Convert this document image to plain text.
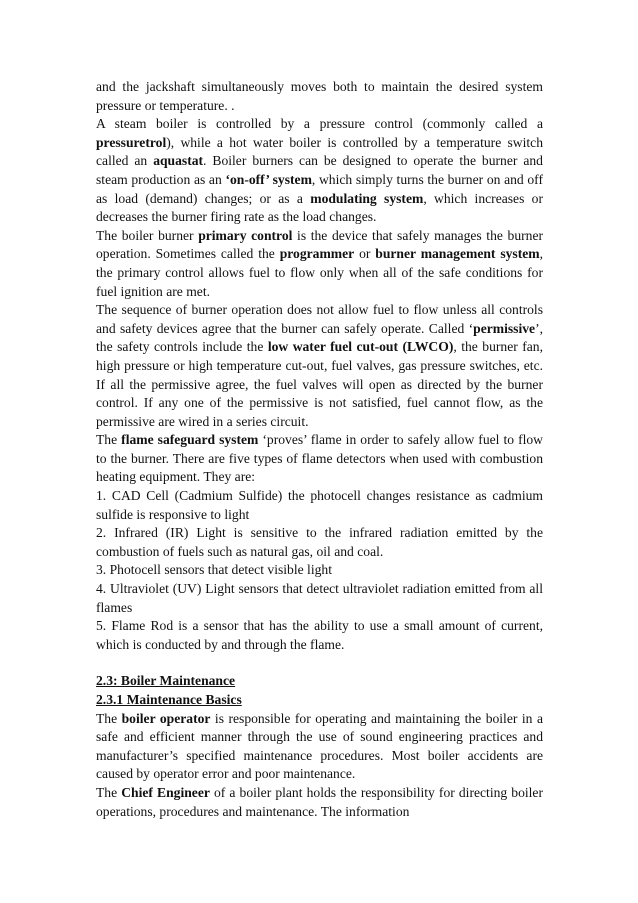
and the jackshaft simultaneously moves both to maintain the desired system pressure or temperature. .

A steam boiler is controlled by a pressure control (commonly called a pressuretrol), while a hot water boiler is controlled by a temperature switch called an aquastat. Boiler burners can be designed to operate the burner and steam production as an ‘on-off’ system, which simply turns the burner on and off as load (demand) changes; or as a modulating system, which increases or decreases the burner firing rate as the load changes.

The boiler burner primary control is the device that safely manages the burner operation. Sometimes called the programmer or burner management system, the primary control allows fuel to flow only when all of the safe conditions for fuel ignition are met.

The sequence of burner operation does not allow fuel to flow unless all controls and safety devices agree that the burner can safely operate. Called ‘permissive’, the safety controls include the low water fuel cut-out (LWCO), the burner fan, high pressure or high temperature cut-out, fuel valves, gas pressure switches, etc. If all the permissive agree, the fuel valves will open as directed by the burner control. If any one of the permissive is not satisfied, fuel cannot flow, as the permissive are wired in a series circuit.

The flame safeguard system ‘proves’ flame in order to safely allow fuel to flow to the burner. There are five types of flame detectors when used with combustion heating equipment. They are:

1. CAD Cell (Cadmium Sulfide) the photocell changes resistance as cadmium sulfide is responsive to light

2. Infrared (IR) Light is sensitive to the infrared radiation emitted by the combustion of fuels such as natural gas, oil and coal.

3. Photocell sensors that detect visible light

4. Ultraviolet (UV) Light sensors that detect ultraviolet radiation emitted from all flames

5. Flame Rod is a sensor that has the ability to use a small amount of current, which is conducted by and through the flame.

2.3: Boiler Maintenance

2.3.1 Maintenance Basics

The boiler operator is responsible for operating and maintaining the boiler in a safe and efficient manner through the use of sound engineering practices and manufacturer’s specified maintenance procedures. Most boiler accidents are caused by operator error and poor maintenance.

The Chief Engineer of a boiler plant holds the responsibility for directing boiler operations, procedures and maintenance. The information
